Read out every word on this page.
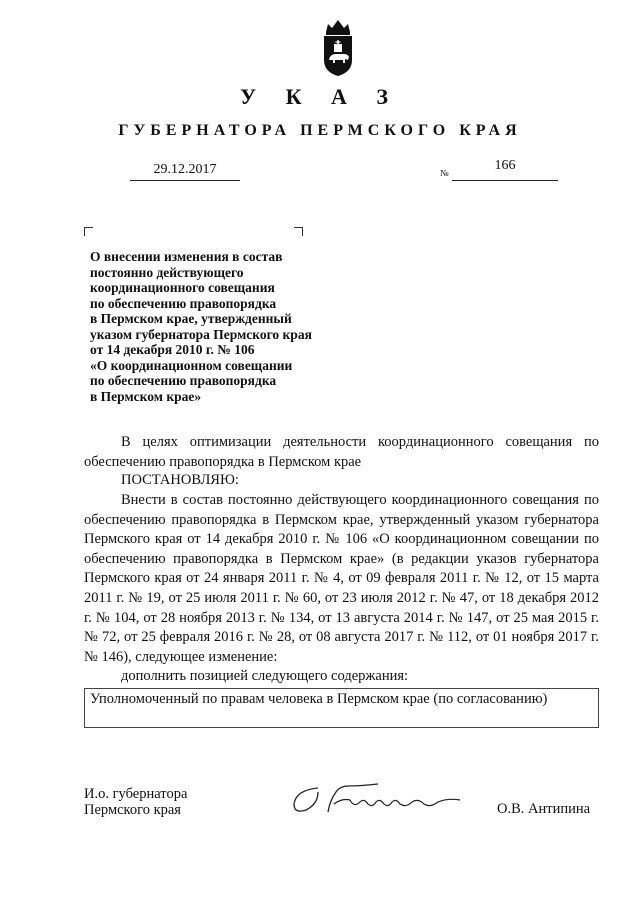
У К А З
ГУБЕРНАТОРА ПЕРМСКОГО КРАЯ
29.12.2017	№	166
О внесении изменения в состав
постоянно действующего
координационного совещания
по обеспечению правопорядка
в Пермском крае, утвержденный
указом губернатора Пермского края
от 14 декабря 2010 г. № 106
«О координационном совещании
по обеспечению правопорядка
в Пермском крае»
В целях оптимизации деятельности координационного совещания по обеспечению правопорядка в Пермском крае
ПОСТАНОВЛЯЮ:
Внести в состав постоянно действующего координационного совещания по обеспечению правопорядка в Пермском крае, утвержденный указом губернатора Пермского края от 14 декабря 2010 г. № 106 «О координационном совещании по обеспечению правопорядка в Пермском крае» (в редакции указов губернатора Пермского края от 24 января 2011 г. № 4, от 09 февраля 2011 г. № 12, от 15 марта 2011 г. № 19, от 25 июля 2011 г. № 60, от 23 июля 2012 г. № 47, от 18 декабря 2012 г. № 104, от 28 ноября 2013 г. № 134, от 13 августа 2014 г. № 147, от 25 мая 2015 г. № 72, от 25 февраля 2016 г. № 28, от 08 августа 2017 г. № 112, от 01 ноября 2017 г. № 146), следующее изменение:
дополнить позицией следующего содержания:
Уполномоченный по правам человека в Пермском крае (по согласованию)
И.о. губернатора
Пермского края	О.В. Антипина
